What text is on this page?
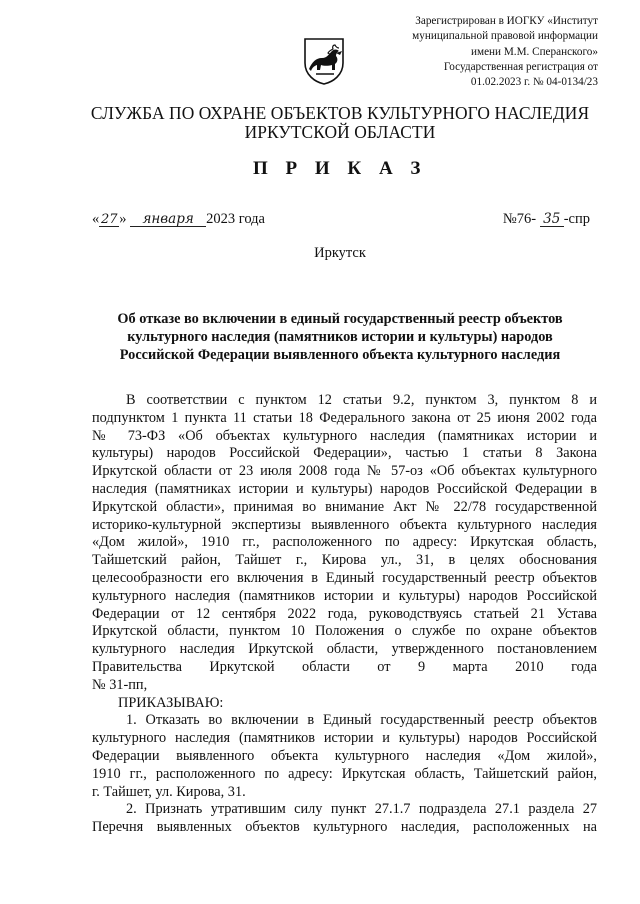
Зарегистрирован в ИОГКУ «Институт
муниципальной правовой информации
имени М.М. Сперанского»
Государственная регистрация от
01.02.2023 г. № 04-0134/23
СЛУЖБА ПО ОХРАНЕ ОБЪЕКТОВ КУЛЬТУРНОГО НАСЛЕДИЯ
ИРКУТСКОЙ ОБЛАСТИ
П Р И К А З
« 27 » января 2023 года	№76- 35 -спр
Иркутск
Об отказе во включении в единый государственный реестр объектов
культурного наследия (памятников истории и культуры) народов
Российской Федерации выявленного объекта культурного наследия
В соответствии с пунктом 12 статьи 9.2, пунктом 3, пунктом 8 и
подпунктом 1 пункта 11 статьи 18 Федерального закона от 25 июня 2002 года
№ 73-ФЗ «Об объектах культурного наследия (памятниках истории и
культуры) народов Российской Федерации», частью 1 статьи 8 Закона
Иркутской области от 23 июля 2008 года № 57-оз «Об объектах культурного
наследия (памятниках истории и культуры) народов Российской Федерации в
Иркутской области», принимая во внимание Акт № 22/78 государственной
историко-культурной экспертизы выявленного объекта культурного наследия
«Дом жилой», 1910 гг., расположенного по адресу: Иркутская область,
Тайшетский район, Тайшет г., Кирова ул., 31, в целях обоснования
целесообразности его включения в Единый государственный реестр объектов
культурного наследия (памятников истории и культуры) народов Российской
Федерации от 12 сентября 2022 года, руководствуясь статьей 21 Устава
Иркутской области, пунктом 10 Положения о службе по охране объектов
культурного наследия Иркутской области, утвержденного постановлением
Правительства Иркутской области от 9 марта 2010 года
№ 31-пп,
ПРИКАЗЫВАЮ:
1. Отказать во включении в Единый государственный реестр объектов
культурного наследия (памятников истории и культуры) народов Российской
Федерации выявленного объекта культурного наследия «Дом жилой»,
1910 гг., расположенного по адресу: Иркутская область, Тайшетский район,
г. Тайшет, ул. Кирова, 31.
2. Признать утратившим силу пункт 27.1.7 подраздела 27.1 раздела 27
Перечня выявленных объектов культурного наследия, расположенных на
